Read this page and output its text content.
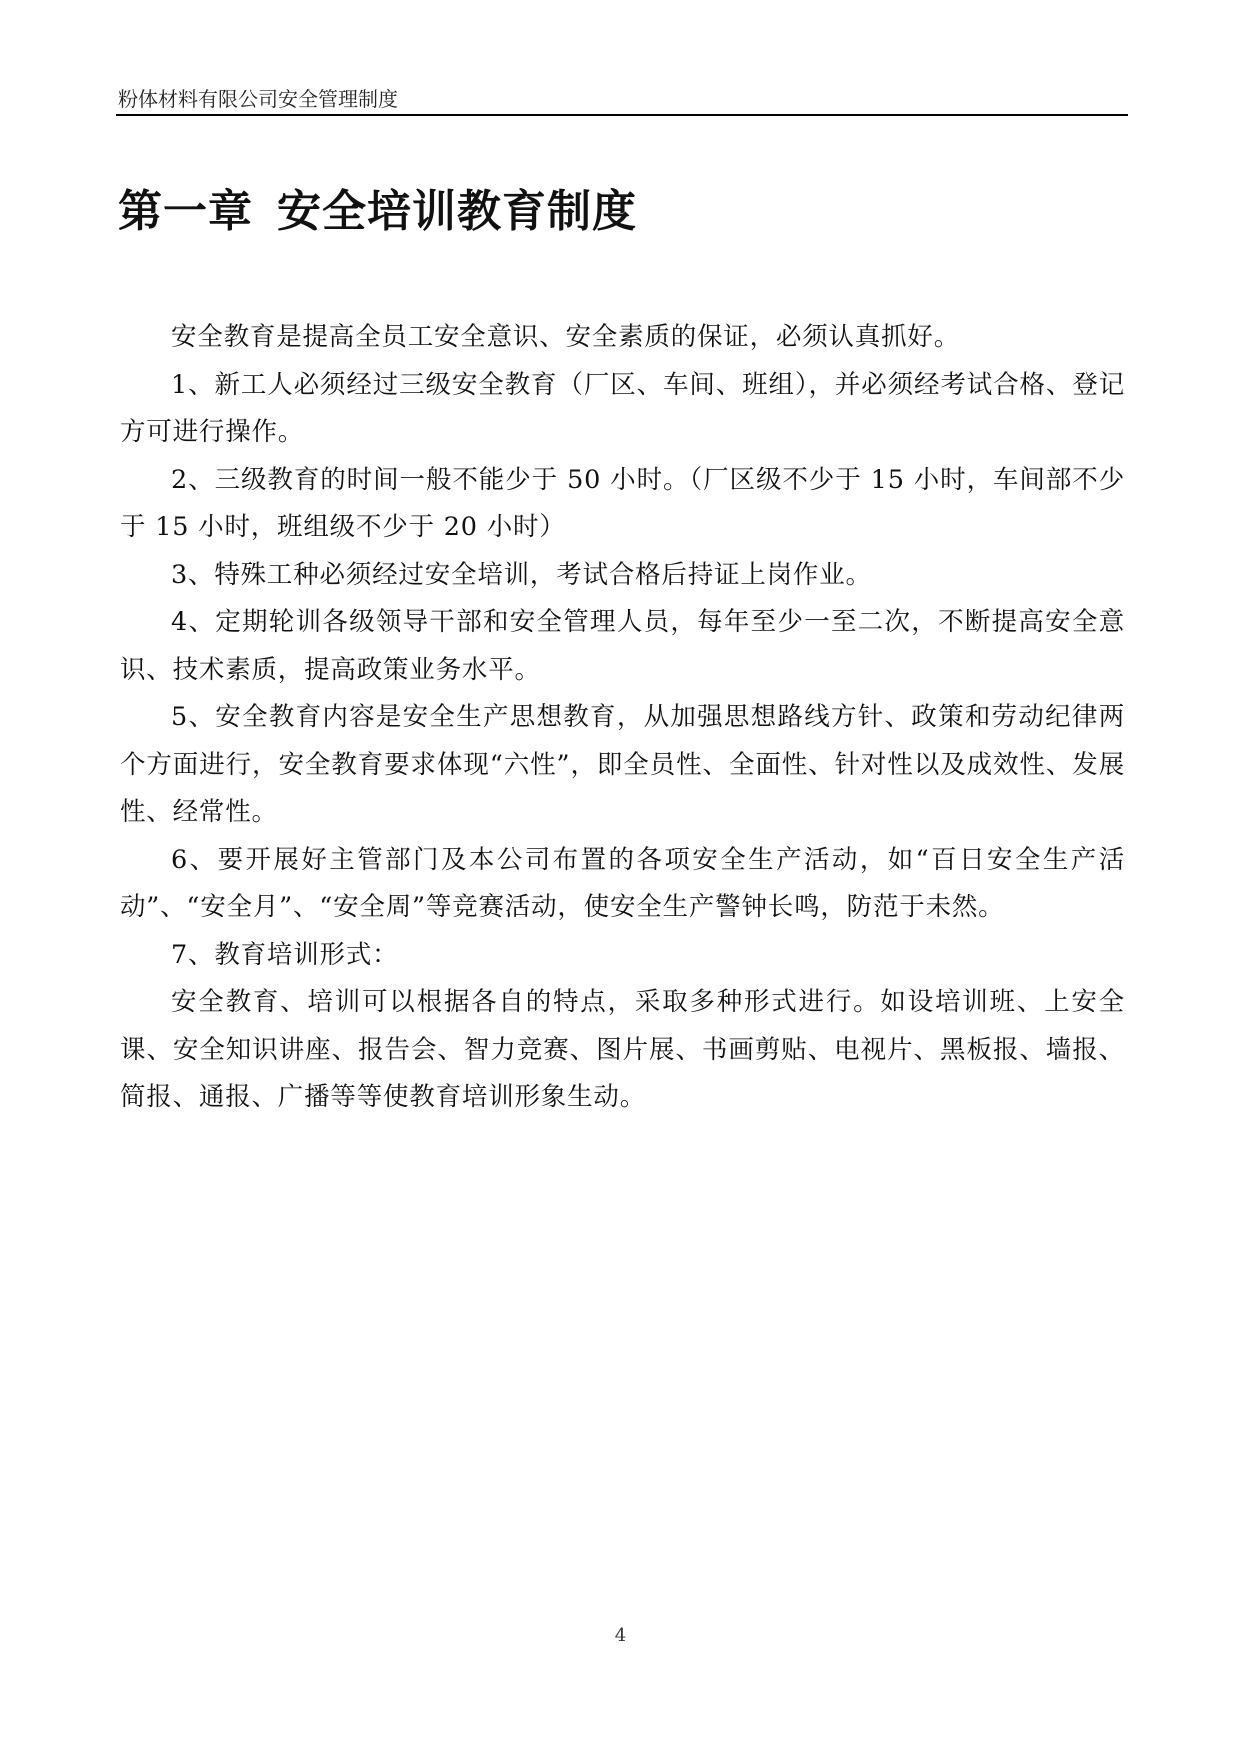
粉体材料有限公司安全管理制度
第一章 安全培训教育制度

安全教育是提高全员工安全意识、安全素质的保证，必须认真抓好。

1、新工人必须经过三级安全教育（厂区、车间、班组），并必须经考试合格、登记方可进行操作。

2、三级教育的时间一般不能少于 50 小时。（厂区级不少于 15 小时，车间部不少于 15 小时，班组级不少于 20 小时）

3、特殊工种必须经过安全培训，考试合格后持证上岗作业。

4、定期轮训各级领导干部和安全管理人员，每年至少一至二次，不断提高安全意识、技术素质，提高政策业务水平。

5、安全教育内容是安全生产思想教育，从加强思想路线方针、政策和劳动纪律两个方面进行，安全教育要求体现“六性”，即全员性、全面性、针对性以及成效性、发展性、经常性。

6、要开展好主管部门及本公司布置的各项安全生产活动，如“百日安全生产活动”、“安全月”、“安全周”等竞赛活动，使安全生产警钟长鸣，防范于未然。

7、教育培训形式：

安全教育、培训可以根据各自的特点，采取多种形式进行。如设培训班、上安全课、安全知识讲座、报告会、智力竞赛、图片展、书画剪贴、电视片、黑板报、墙报、简报、通报、广播等等使教育培训形象生动。

4
